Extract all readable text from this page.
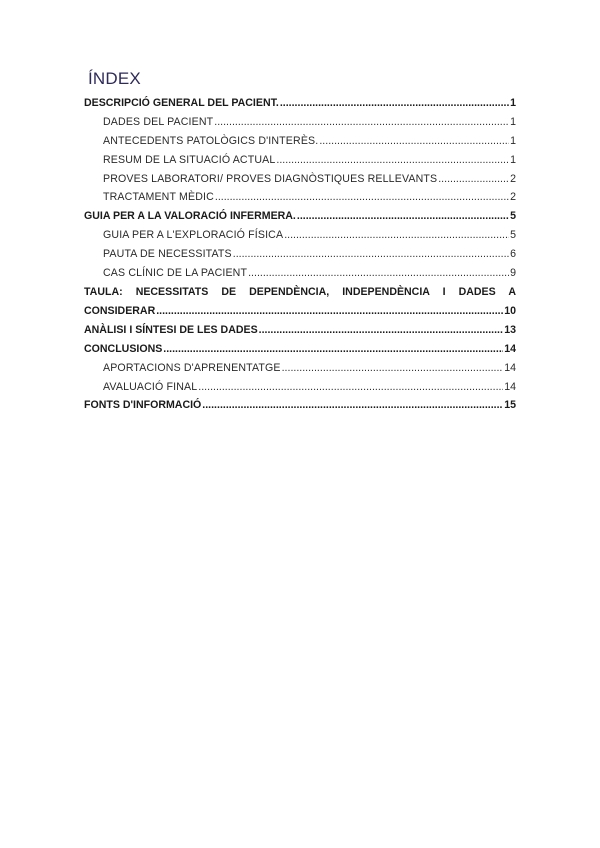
ÍNDEX
DESCRIPCIÓ GENERAL DEL PACIENT. .....	1
DADES DEL PACIENT .....	1
ANTECEDENTS PATOLÒGICS D'INTERÈS. .....	1
RESUM DE LA SITUACIÓ ACTUAL .....	1
PROVES LABORATORI/ PROVES DIAGNÒSTIQUES RELLEVANTS .....	2
TRACTAMENT MÈDIC .....	2
GUIA PER A LA VALORACIÓ INFERMERA. .....	5
GUIA PER A L'EXPLORACIÓ FÍSICA .....	5
PAUTA DE NECESSITATS .....	6
CAS CLÍNIC DE LA PACIENT .....	9
TAULA: NECESSITATS DE DEPENDÈNCIA, INDEPENDÈNCIA I DADES A
CONSIDERAR .....	10
ANÀLISI I SÍNTESI DE LES DADES .....	13
CONCLUSIONS .....	14
APORTACIONS D'APRENENTATGE .....	14
AVALUACIÓ FINAL .....	14
FONTS D'INFORMACIÓ .....	15
